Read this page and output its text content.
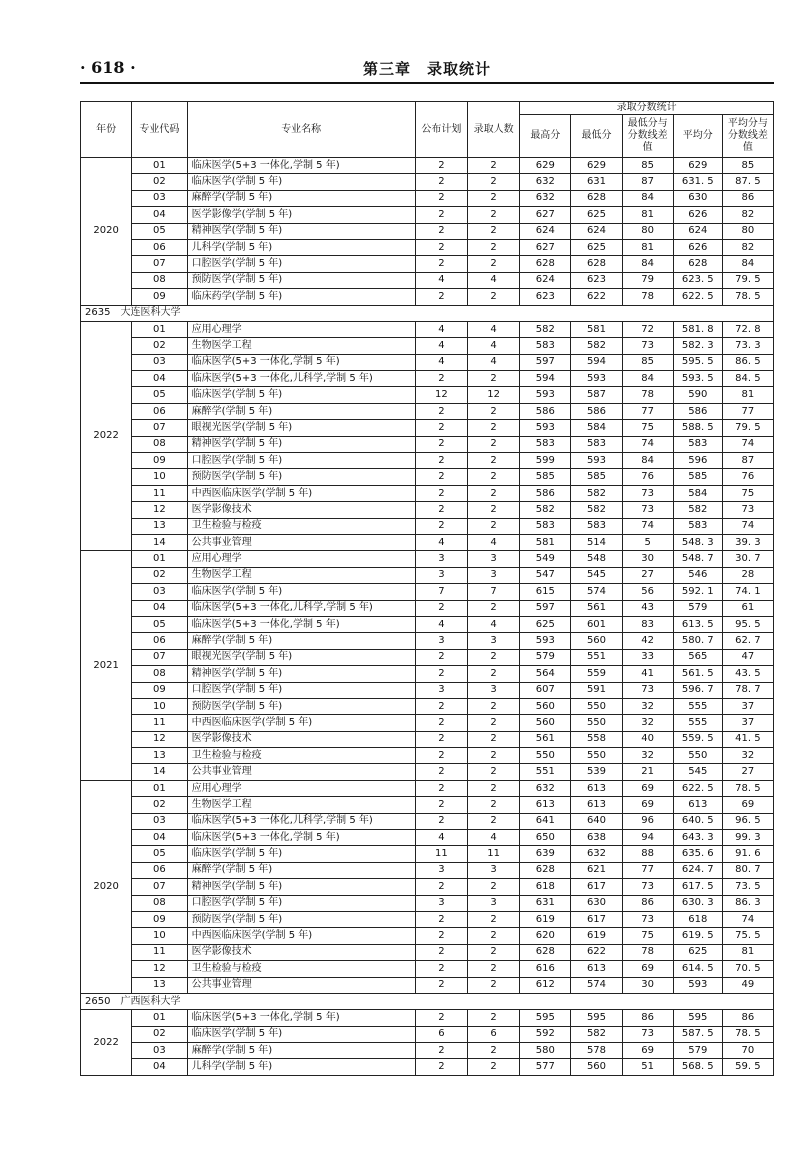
· 618 ·	第三章　录取统计
年份	专业代码	专业名称	公布计划	录取人数	录取分数统计				
					最高分	最低分	最低分与分数线差值	平均分	平均分与分数线差值
2020	01	临床医学(5+3 一体化,学制 5 年)	2	2	629	629	85	629	85
	02	临床医学(学制 5 年)	2	2	632	631	87	631. 5	87. 5
	03	麻醉学(学制 5 年)	2	2	632	628	84	630	86
	04	医学影像学(学制 5 年)	2	2	627	625	81	626	82
	05	精神医学(学制 5 年)	2	2	624	624	80	624	80
	06	儿科学(学制 5 年)	2	2	627	625	81	626	82
	07	口腔医学(学制 5 年)	2	2	628	628	84	628	84
	08	预防医学(学制 5 年)	4	4	624	623	79	623. 5	79. 5
	09	临床药学(学制 5 年)	2	2	623	622	78	622. 5	78. 5
2635　大连医科大学									
2022	01	应用心理学	4	4	582	581	72	581. 8	72. 8
	02	生物医学工程	4	4	583	582	73	582. 3	73. 3
	03	临床医学(5+3 一体化,学制 5 年)	4	4	597	594	85	595. 5	86. 5
	04	临床医学(5+3 一体化,儿科学,学制 5 年)	2	2	594	593	84	593. 5	84. 5
	05	临床医学(学制 5 年)	12	12	593	587	78	590	81
	06	麻醉学(学制 5 年)	2	2	586	586	77	586	77
	07	眼视光医学(学制 5 年)	2	2	593	584	75	588. 5	79. 5
	08	精神医学(学制 5 年)	2	2	583	583	74	583	74
	09	口腔医学(学制 5 年)	2	2	599	593	84	596	87
	10	预防医学(学制 5 年)	2	2	585	585	76	585	76
	11	中西医临床医学(学制 5 年)	2	2	586	582	73	584	75
	12	医学影像技术	2	2	582	582	73	582	73
	13	卫生检验与检疫	2	2	583	583	74	583	74
	14	公共事业管理	4	4	581	514	5	548. 3	39. 3
2021	01	应用心理学	3	3	549	548	30	548. 7	30. 7
	02	生物医学工程	3	3	547	545	27	546	28
	03	临床医学(学制 5 年)	7	7	615	574	56	592. 1	74. 1
	04	临床医学(5+3 一体化,儿科学,学制 5 年)	2	2	597	561	43	579	61
	05	临床医学(5+3 一体化,学制 5 年)	4	4	625	601	83	613. 5	95. 5
	06	麻醉学(学制 5 年)	3	3	593	560	42	580. 7	62. 7
	07	眼视光医学(学制 5 年)	2	2	579	551	33	565	47
	08	精神医学(学制 5 年)	2	2	564	559	41	561. 5	43. 5
	09	口腔医学(学制 5 年)	3	3	607	591	73	596. 7	78. 7
	10	预防医学(学制 5 年)	2	2	560	550	32	555	37
	11	中西医临床医学(学制 5 年)	2	2	560	550	32	555	37
	12	医学影像技术	2	2	561	558	40	559. 5	41. 5
	13	卫生检验与检疫	2	2	550	550	32	550	32
	14	公共事业管理	2	2	551	539	21	545	27
2020	01	应用心理学	2	2	632	613	69	622. 5	78. 5
	02	生物医学工程	2	2	613	613	69	613	69
	03	临床医学(5+3 一体化,儿科学,学制 5 年)	2	2	641	640	96	640. 5	96. 5
	04	临床医学(5+3 一体化,学制 5 年)	4	4	650	638	94	643. 3	99. 3
	05	临床医学(学制 5 年)	11	11	639	632	88	635. 6	91. 6
	06	麻醉学(学制 5 年)	3	3	628	621	77	624. 7	80. 7
	07	精神医学(学制 5 年)	2	2	618	617	73	617. 5	73. 5
	08	口腔医学(学制 5 年)	3	3	631	630	86	630. 3	86. 3
	09	预防医学(学制 5 年)	2	2	619	617	73	618	74
	10	中西医临床医学(学制 5 年)	2	2	620	619	75	619. 5	75. 5
	11	医学影像技术	2	2	628	622	78	625	81
	12	卫生检验与检疫	2	2	616	613	69	614. 5	70. 5
	13	公共事业管理	2	2	612	574	30	593	49
2650　广西医科大学									
2022	01	临床医学(5+3 一体化,学制 5 年)	2	2	595	595	86	595	86
	02	临床医学(学制 5 年)	6	6	592	582	73	587. 5	78. 5
	03	麻醉学(学制 5 年)	2	2	580	578	69	579	70
	04	儿科学(学制 5 年)	2	2	577	560	51	568. 5	59. 5
